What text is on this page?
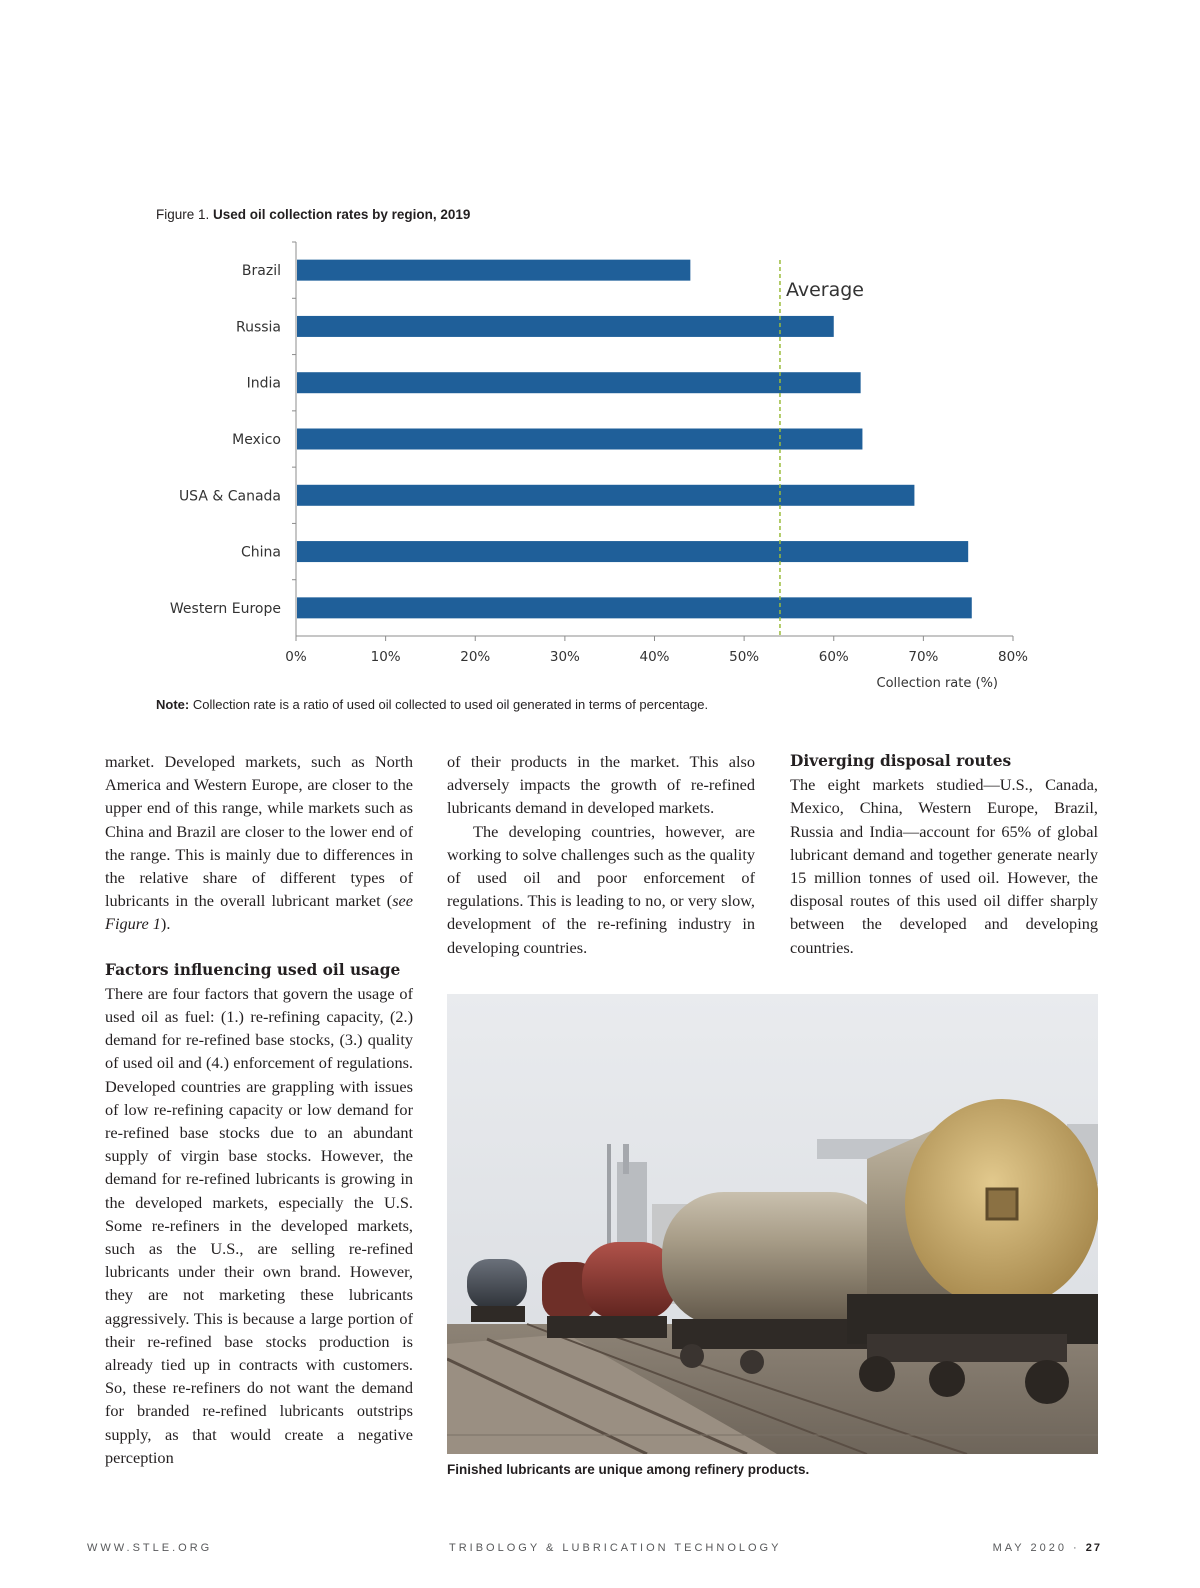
Figure 1. Used oil collection rates by region, 2019
Brazil
Russia
India
Mexico
USA & Canada
China
Western Europe
0%	10%	20%	30%	40%	50%	60%	70%	80%
Collection rate (%)
Average
Note: Collection rate is a ratio of used oil collected to used oil generated in terms of percentage.

market. Developed markets, such as North America and Western Europe, are closer to the upper end of this range, while markets such as China and Brazil are closer to the lower end of the range. This is mainly due to differences in the relative share of different types of lubricants in the overall lubricant market (see Figure 1).

Factors influencing used oil usage

There are four factors that govern the usage of used oil as fuel: (1.) re-refining capacity, (2.) demand for re-refined base stocks, (3.) quality of used oil and (4.) enforcement of regulations. Developed countries are grappling with issues of low re-refining capacity or low demand for re-refined base stocks due to an abundant supply of virgin base stocks. However, the demand for re-refined lubricants is growing in the developed markets, especially the U.S. Some re-refiners in the developed markets, such as the U.S., are selling re-refined lubricants under their own brand. However, they are not marketing these lubricants aggressively. This is because a large portion of their re-refined base stocks production is already tied up in contracts with customers. So, these re-refiners do not want the demand for branded re-refined lubricants outstrips supply, as that would create a negative perception

of their products in the market. This also adversely impacts the growth of re-refined lubricants demand in developed markets.

The developing countries, however, are working to solve challenges such as the quality of used oil and poor enforcement of regulations. This is leading to no, or very slow, development of the re-refining industry in developing countries.

Diverging disposal routes

The eight markets studied—U.S., Canada, Mexico, China, Western Europe, Brazil, Russia and India—account for 65% of global lubricant demand and together generate nearly 15 million tonnes of used oil. However, the disposal routes of this used oil differ sharply between the developed and developing countries.

Finished lubricants are unique among refinery products.
WWW.STLE.ORG	TRIBOLOGY & LUBRICATION TECHNOLOGY	MAY 2020 · 27
